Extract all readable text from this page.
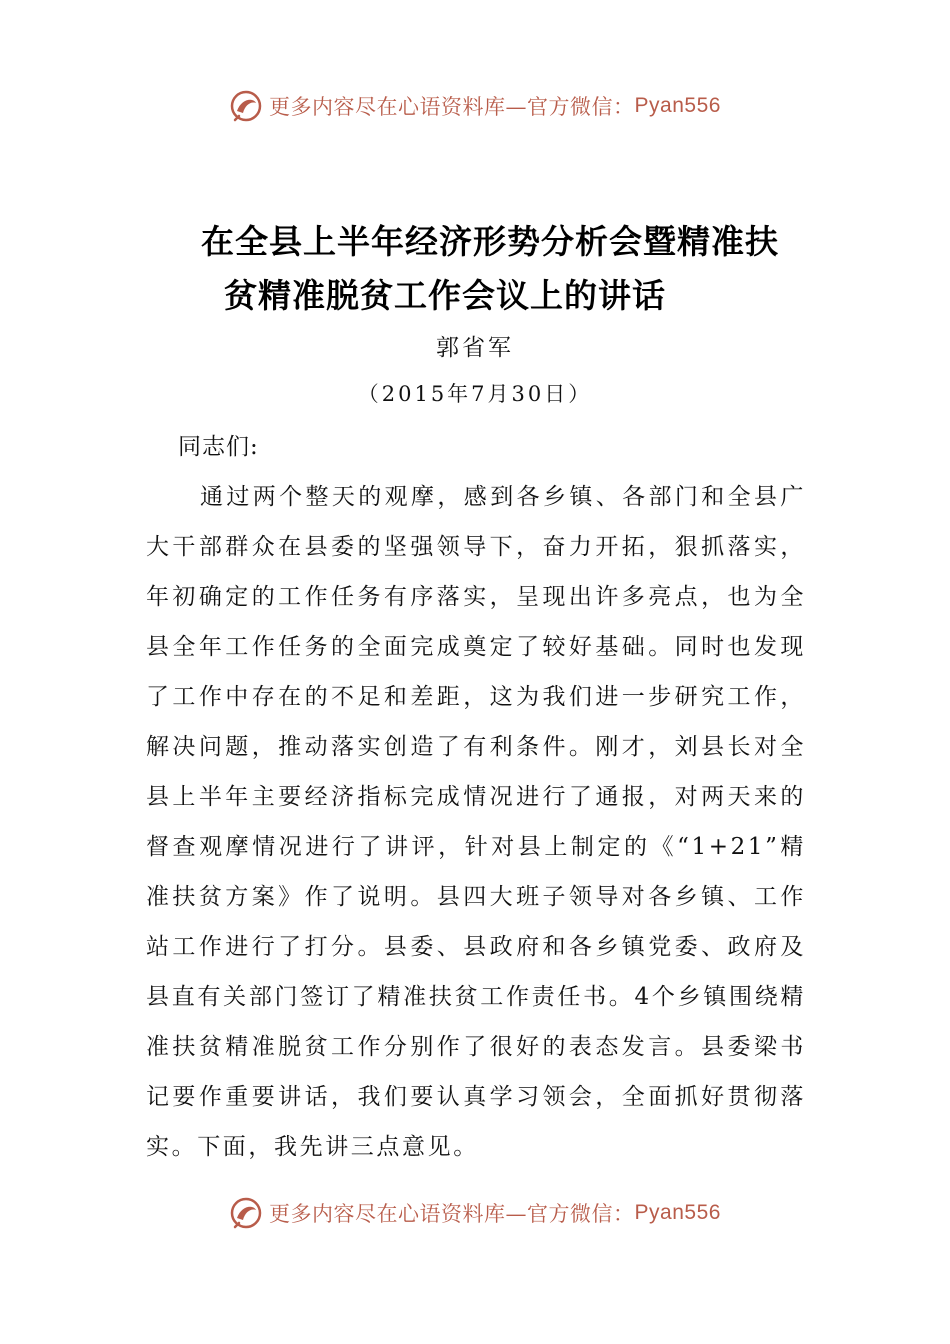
更多内容尽在心语资料库—官方微信： Pyan556
在全县上半年经济形势分析会暨精准扶
贫精准脱贫工作会议上的讲话
郭省军
（2015年7月30日）
同志们:
通过两个整天的观摩，感到各乡镇、各部门和全县广
大干部群众在县委的坚强领导下，奋力开拓，狠抓落实，
年初确定的工作任务有序落实，呈现出许多亮点，也为全
县全年工作任务的全面完成奠定了较好基础。同时也发现
了工作中存在的不足和差距，这为我们进一步研究工作，
解决问题，推动落实创造了有利条件。刚才，刘县长对全
县上半年主要经济指标完成情况进行了通报，对两天来的
督查观摩情况进行了讲评，针对县上制定的《“1+21”精
准扶贫方案》作了说明。县四大班子领导对各乡镇、工作
站工作进行了打分。县委、县政府和各乡镇党委、政府及
县直有关部门签订了精准扶贫工作责任书。4个乡镇围绕精
准扶贫精准脱贫工作分别作了很好的表态发言。县委梁书
记要作重要讲话，我们要认真学习领会，全面抓好贯彻落
实。下面，我先讲三点意见。
更多内容尽在心语资料库—官方微信： Pyan556
